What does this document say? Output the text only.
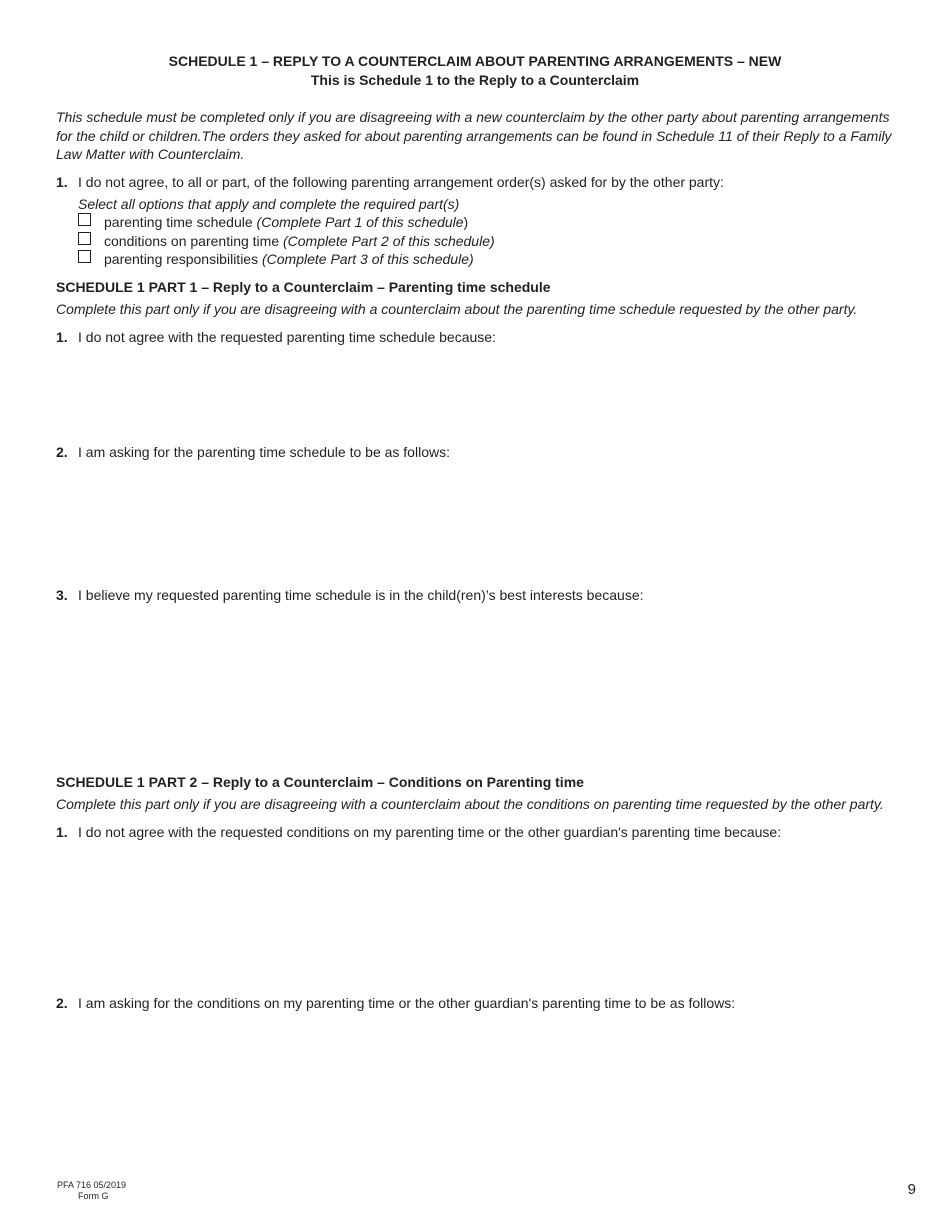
SCHEDULE 1 – REPLY TO A COUNTERCLAIM ABOUT PARENTING ARRANGEMENTS – NEW
This is Schedule 1 to the Reply to a Counterclaim
This schedule must be completed only if you are disagreeing with a new counterclaim by the other party about parenting arrangements for the child or children.The orders they asked for about parenting arrangements can be found in Schedule 11 of their Reply to a Family Law Matter with Counterclaim.
1. I do not agree, to all or part, of the following parenting arrangement order(s) asked for by the other party:
Select all options that apply and complete the required part(s)
parenting time schedule (Complete Part 1 of this schedule)
conditions on parenting time (Complete Part 2 of this schedule)
parenting responsibilities (Complete Part 3 of this schedule)
SCHEDULE 1 PART 1 – Reply to a Counterclaim – Parenting time schedule
Complete this part only if you are disagreeing with a counterclaim about the parenting time schedule requested by the other party.
1. I do not agree with the requested parenting time schedule because:
2. I am asking for the parenting time schedule to be as follows:
3. I believe my requested parenting time schedule is in the child(ren)’s best interests because:
SCHEDULE 1 PART 2 – Reply to a Counterclaim – Conditions on Parenting time
Complete this part only if you are disagreeing with a counterclaim about the conditions on parenting time requested by the other party.
1. I do not agree with the requested conditions on my parenting time or the other guardian's parenting time because:
2. I am asking for the conditions on my parenting time or the other guardian's parenting time to be as follows:
PFA 716 05/2019
Form G	9
